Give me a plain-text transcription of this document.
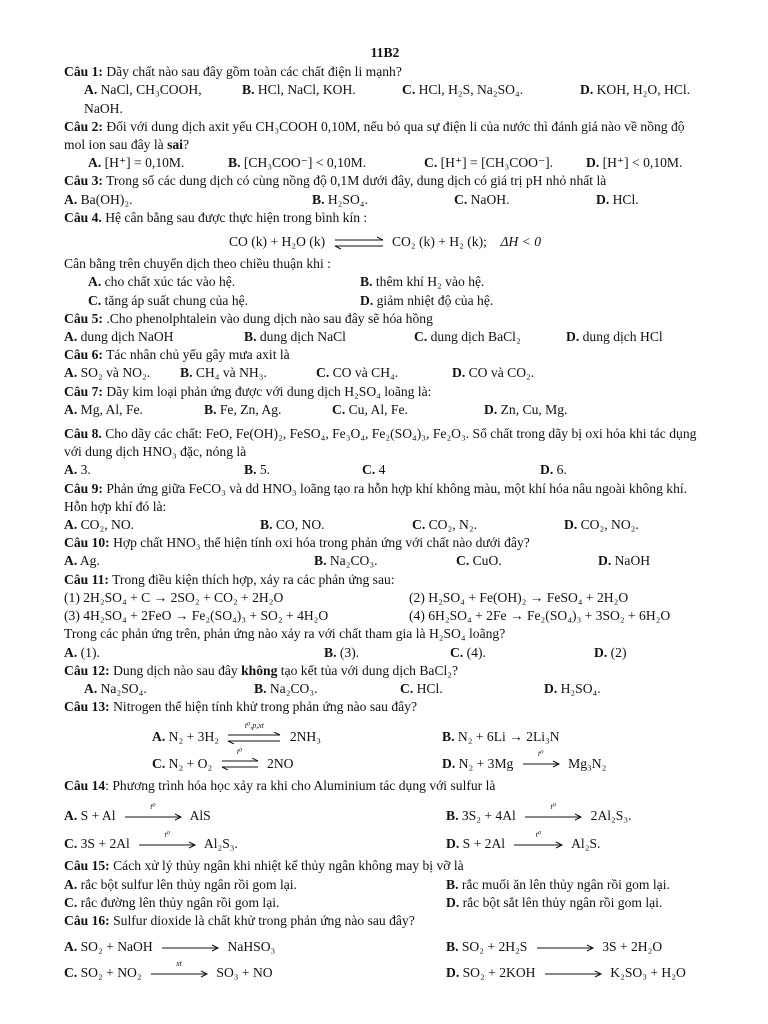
11B2
Câu 1: Dãy chất nào sau đây gồm toàn các chất điện li mạnh?
A. NaCl, CH₃COOH, NaOH.
B. HCl, NaCl, KOH.	C. HCl, H₂S, Na₂SO₄.	D. KOH, H₂O, HCl.
Câu 2: Đối với dung dịch axit yếu CH₃COOH 0,10M, nếu bỏ qua sự điện li của nước thì đánh giá nào về nồng độ mol ion sau đây là sai?
A. [H⁺] = 0,10M.	B. [CH₃COO⁻] < 0,10M.	C. [H⁺] = [CH₃COO⁻].	D. [H⁺] < 0,10M.
Câu 3: Trong số các dung dịch có cùng nồng độ 0,1M dưới đây, dung dịch có giá trị pH nhỏ nhất là
A. Ba(OH)₂.	B. H₂SO₄.	C. NaOH.	D. HCl.
Câu 4. Hệ cân bằng sau được thực hiện trong bình kín :
CO (k) + H₂O (k) ⇌ CO₂ (k) + H₂ (k); ΔH < 0
Cân bằng trên chuyển dịch theo chiều thuận khi :
A. cho chất xúc tác vào hệ.	B. thêm khí H₂ vào hệ.
C. tăng áp suất chung của hệ.	D. giảm nhiệt độ của hệ.
Câu 5: .Cho phenolphtalein vào dung dịch nào sau đây sẽ hóa hồng
A. dung dịch NaOH	B. dung dịch NaCl	C. dung dịch BaCl₂	D. dung dịch HCl
Câu 6: Tác nhân chủ yếu gây mưa axit là
A. SO₂ và NO₂.	B. CH₄ và NH₃.	C. CO và CH₄.	D. CO và CO₂.
Câu 7: Dãy kim loại phản ứng được với dung dịch H₂SO₄ loãng là:
A. Mg, Al, Fe.	B. Fe, Zn, Ag.	C. Cu, Al, Fe.	D. Zn, Cu, Mg.
Câu 8. Cho dãy các chất: FeO, Fe(OH)₂, FeSO₄, Fe₃O₄, Fe₂(SO₄)₃, Fe₂O₃. Số chất trong dãy bị oxi hóa khi tác dụng với dung dịch HNO₃ đặc, nóng là
A. 3.	B. 5.	C. 4	D. 6.
Câu 9: Phản ứng giữa FeCO₃ và dd HNO₃ loãng tạo ra hỗn hợp khí không màu, một khí hóa nâu ngoài không khí. Hỗn hợp khí đó là:
A. CO₂, NO.	B. CO, NO.	C. CO₂, N₂.	D. CO₂, NO₂.
Câu 10: Hợp chất HNO₃ thể hiện tính oxi hóa trong phản ứng với chất nào dưới đây?
A. Ag.	B. Na₂CO₃.	C. CuO.	D. NaOH
Câu 11: Trong điều kiện thích hợp, xảy ra các phản ứng sau:
(1) 2H₂SO₄ + C → 2SO₂ + CO₂ + 2H₂O	(2) H₂SO₄ + Fe(OH)₂ → FeSO₄ + 2H₂O
(3) 4H₂SO₄ + 2FeO → Fe₂(SO₄)₃ + SO₂ + 4H₂O	(4) 6H₂SO₄ + 2Fe → Fe₂(SO₄)₃ + 3SO₂ + 6H₂O
Trong các phản ứng trên, phản ứng nào xảy ra với chất tham gia là H₂SO₄ loãng?
A. (1).	B. (3).	C. (4).	D. (2)
Câu 12: Dung dịch nào sau đây không tạo kết tủa với dung dịch BaCl₂?
A. Na₂SO₄.	B. Na₂CO₃.	C. HCl.	D. H₂SO₄.
Câu 13: Nitrogen thể hiện tính khử trong phản ứng nào sau đây?
A. N₂ + 3H₂
t⁰,p,xt
2NH₃	B. N₂ + 6Li → 2Li₃N
C. N₂ + O₂
t⁰
2NO	D. N₂ + 3Mg
t⁰
Mg₃N₂
Câu 14: Phương trình hóa học xảy ra khi cho Aluminium tác dụng với sulfur là
A. S + Al
t⁰
AlS	B. 3S₂ + 4Al
t⁰
2Al₂S₃.
C. 3S + 2Al
t⁰
Al₂S₃.	D. S + 2Al
t⁰
Al₂S.
Câu 15: Cách xử lý thủy ngân khi nhiệt kế thủy ngân không may bị vỡ là
A. rắc bột sulfur lên thủy ngân rồi gom lại.	B. rắc muối ăn lên thủy ngân rồi gom lại.
C. rắc đường lên thủy ngân rồi gom lại.	D. rắc bột sắt lên thủy ngân rồi gom lại.
Câu 16: Sulfur dioxide là chất khử trong phản ứng nào sau đây?
A. SO₂ + NaOH	NaHSO₃	B. SO₂ + 2H₂S	3S + 2H₂O
C. SO₂ + NO₂
xt
SO₃ + NO	D. SO₂ + 2KOH	K₂SO₃ + H₂O
